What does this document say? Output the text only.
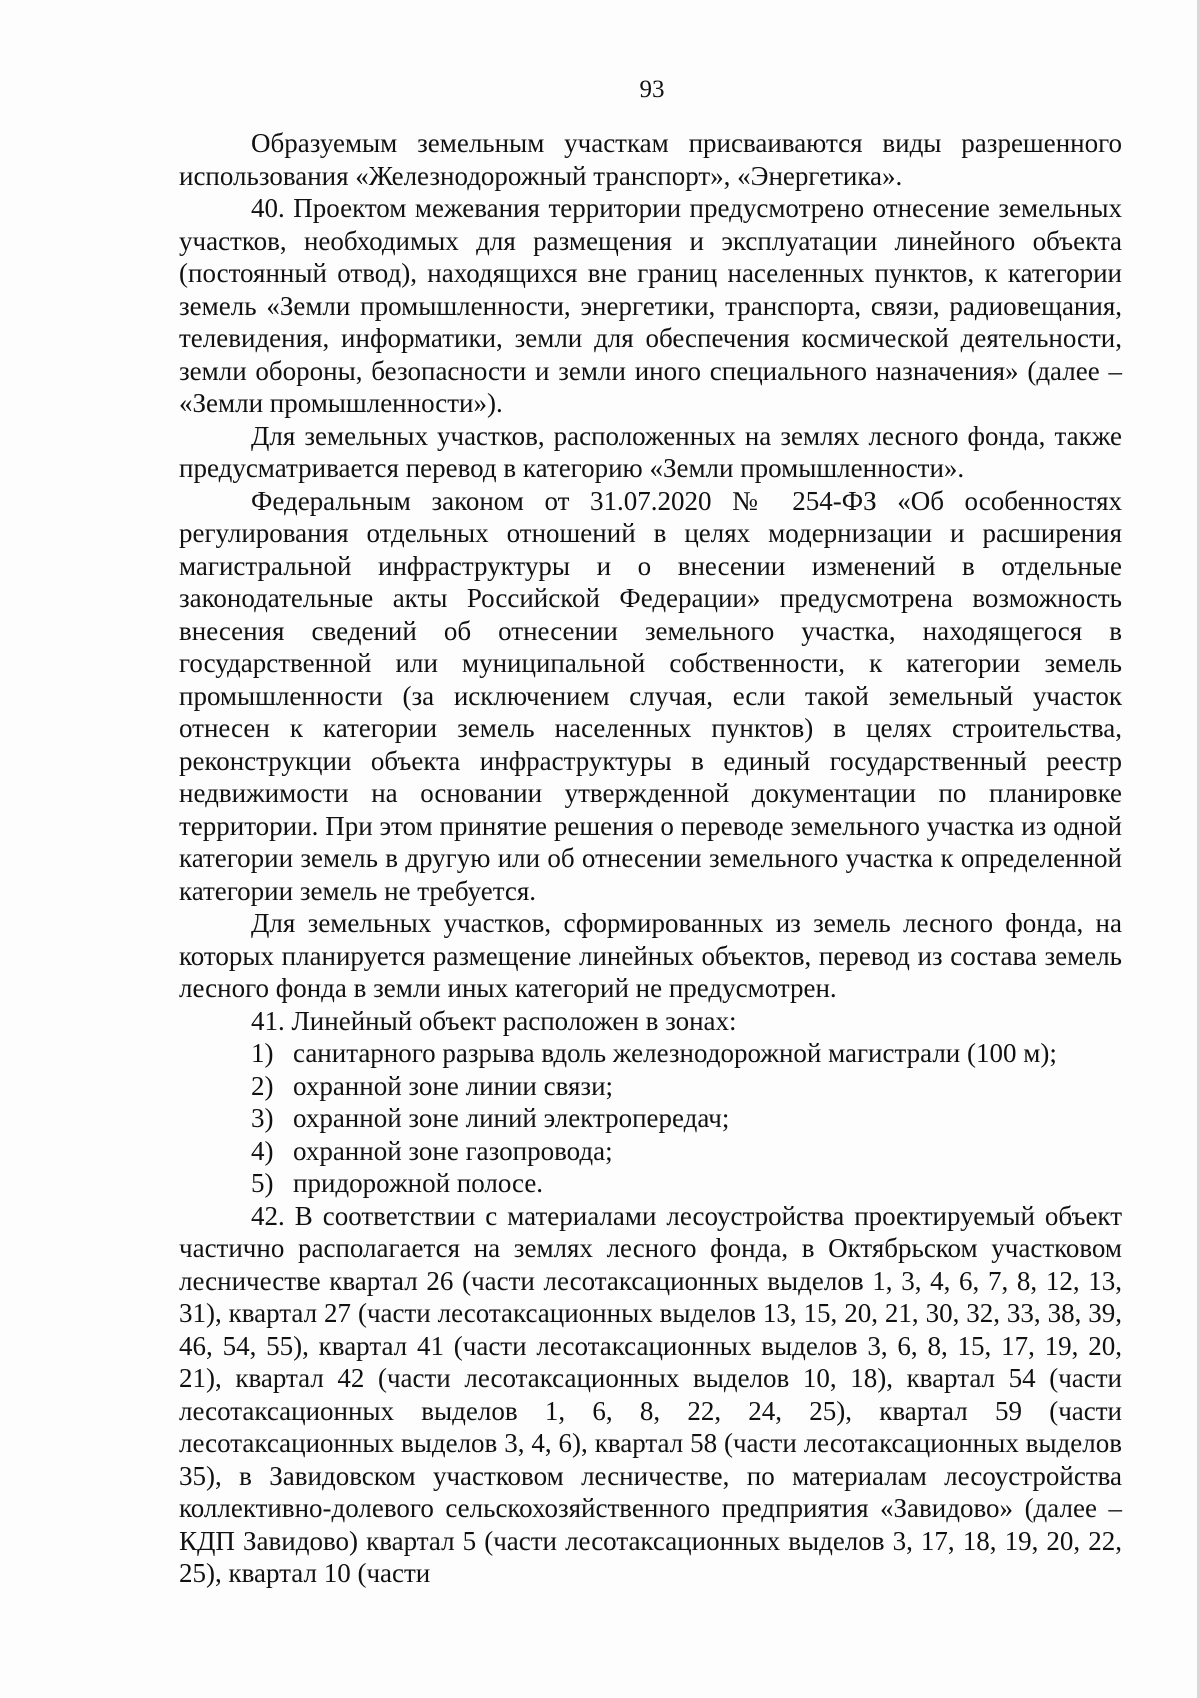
93

Образуемым земельным участкам присваиваются виды разрешенного использования «Железнодорожный транспорт», «Энергетика».

40. Проектом межевания территории предусмотрено отнесение земельных участков, необходимых для размещения и эксплуатации линейного объекта (постоянный отвод), находящихся вне границ населенных пунктов, к категории земель «Земли промышленности, энергетики, транспорта, связи, радиовещания, телевидения, информатики, земли для обеспечения космической деятельности, земли обороны, безопасности и земли иного специального назначения» (далее – «Земли промышленности»).

Для земельных участков, расположенных на землях лесного фонда, также предусматривается перевод в категорию «Земли промышленности».

Федеральным законом от 31.07.2020 № 254-ФЗ «Об особенностях регулирования отдельных отношений в целях модернизации и расширения магистральной инфраструктуры и о внесении изменений в отдельные законодательные акты Российской Федерации» предусмотрена возможность внесения сведений об отнесении земельного участка, находящегося в государственной или муниципальной собственности, к категории земель промышленности (за исключением случая, если такой земельный участок отнесен к категории земель населенных пунктов) в целях строительства, реконструкции объекта инфраструктуры в единый государственный реестр недвижимости на основании утвержденной документации по планировке территории. При этом принятие решения о переводе земельного участка из одной категории земель в другую или об отнесении земельного участка к определенной категории земель не требуется.

Для земельных участков, сформированных из земель лесного фонда, на которых планируется размещение линейных объектов, перевод из состава земель лесного фонда в земли иных категорий не предусмотрен.

41. Линейный объект расположен в зонах:

1) санитарного разрыва вдоль железнодорожной магистрали (100 м);
2) охранной зоне линии связи;
3) охранной зоне линий электропередач;
4) охранной зоне газопровода;
5) придорожной полосе.

42. В соответствии с материалами лесоустройства проектируемый объект частично располагается на землях лесного фонда, в Октябрьском участковом лесничестве квартал 26 (части лесотаксационных выделов 1, 3, 4, 6, 7, 8, 12, 13, 31), квартал 27 (части лесотаксационных выделов 13, 15, 20, 21, 30, 32, 33, 38, 39, 46, 54, 55), квартал 41 (части лесотаксационных выделов 3, 6, 8, 15, 17, 19, 20, 21), квартал 42 (части лесотаксационных выделов 10, 18), квартал 54 (части лесотаксационных выделов 1, 6, 8, 22, 24, 25), квартал 59 (части лесотаксационных выделов 3, 4, 6), квартал 58 (части лесотаксационных выделов 35), в Завидовском участковом лесничестве, по материалам лесоустройства коллективно-долевого сельскохозяйственного предприятия «Завидово» (далее – КДП Завидово) квартал 5 (части лесотаксационных выделов 3, 17, 18, 19, 20, 22, 25), квартал 10 (части
